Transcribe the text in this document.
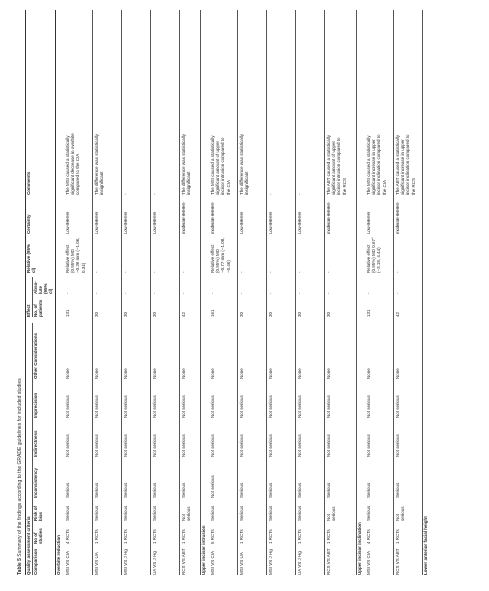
Table 5 Summary of the findings according to the GRADE guidelines for included studies Quality assessment criteria
Effect
Comparison
No of studies
Risk of bias
Inconsistency
Indirectness
Imprecision
Other Considerations
No. of patients
Abso-lute (95% cl)
Relative (95% cl)
Certainty
Comments
Overbite reduction MSI VS CIA
4 RCTs
Serious
Serious
Not serious
Not serious
None
131
-
Relative effect (0.95%) MD −0.36 mm (−1.06, 0.34)
Low ⊕⊕⊖⊖
The MSI caused a statistically significant decrease in overbite compared to the CIA
MSI VS UA
1 RCTs
Serious
Serious
Not serious
Not serious
None
30
-
-
Low ⊕⊕⊖⊖
The difference was statistically insignificant
MSI VS J Hg
1 RCTs
Serious
Serious
Not serious
Not serious
None
30
-
-
Low ⊕⊕⊖⊖
-
UA VS J Hg
1 RCTs
Serious
Serious
Not serious
Not serious
None
30
-
-
Low ⊕⊕⊖⊖
-
RCS VS ABT
1 RCTs
Not serious
Serious
Not serious
Not serious
None
42
-
-
moderate ⊕⊕⊕⊖
The difference was statistically insignificant
Upper incisor intrusion MSI VS CIA
5 RCTs
Serious
Not serious
Not serious
Not serious
None
161
-
Relative effect (0.95%) MD −0.77 mm (−1.08, −0.46)
moderate ⊕⊕⊕⊖
The MSI caused a statistically significant amount of upper incisor intrusion compared to the CIA
MSI VS UA
1 RCTs
Serious
Serious
Not serious
Not serious
None
30
-
-
Low ⊕⊕⊖⊖
The difference was statistically insignificant
MSI VS J Hg
1 RCTs
Serious
Serious
Not serious
Not serious
None
30
-
-
Low ⊕⊕⊖⊖
-
UA VS J Hg
1 RCTs
Serious
Serious
Not serious
Not serious
None
30
-
-
Low ⊕⊕⊖⊖
-
RCS VS ABT
1 RCTs
Not serious
Serious
Not serious
Not serious
None
30
-
-
moderate ⊕⊕⊕⊖
The ABT caused a statistically significant amount of upper incisor intrusion compared to the RCS
Upper incisor inclination MSI VS CIA
4 RCTs
Serious
Serious
Not serious
Not serious
None
131
-
Relative effect (0.95%) MD 0.67° (−3.18, 4.44)
Low ⊕⊕⊖⊖
The MSI caused a statistically significant increase in upper incisor inclination compared to the CIA
RCS VS ABT
1 RCTs
Not serious
Serious
Not serious
Not serious
None
42
-
-
moderate ⊕⊕⊕⊖
The ABT caused a statistically significant increase in upper incisor inclination compared to the RCS
Lower anterior facial height
